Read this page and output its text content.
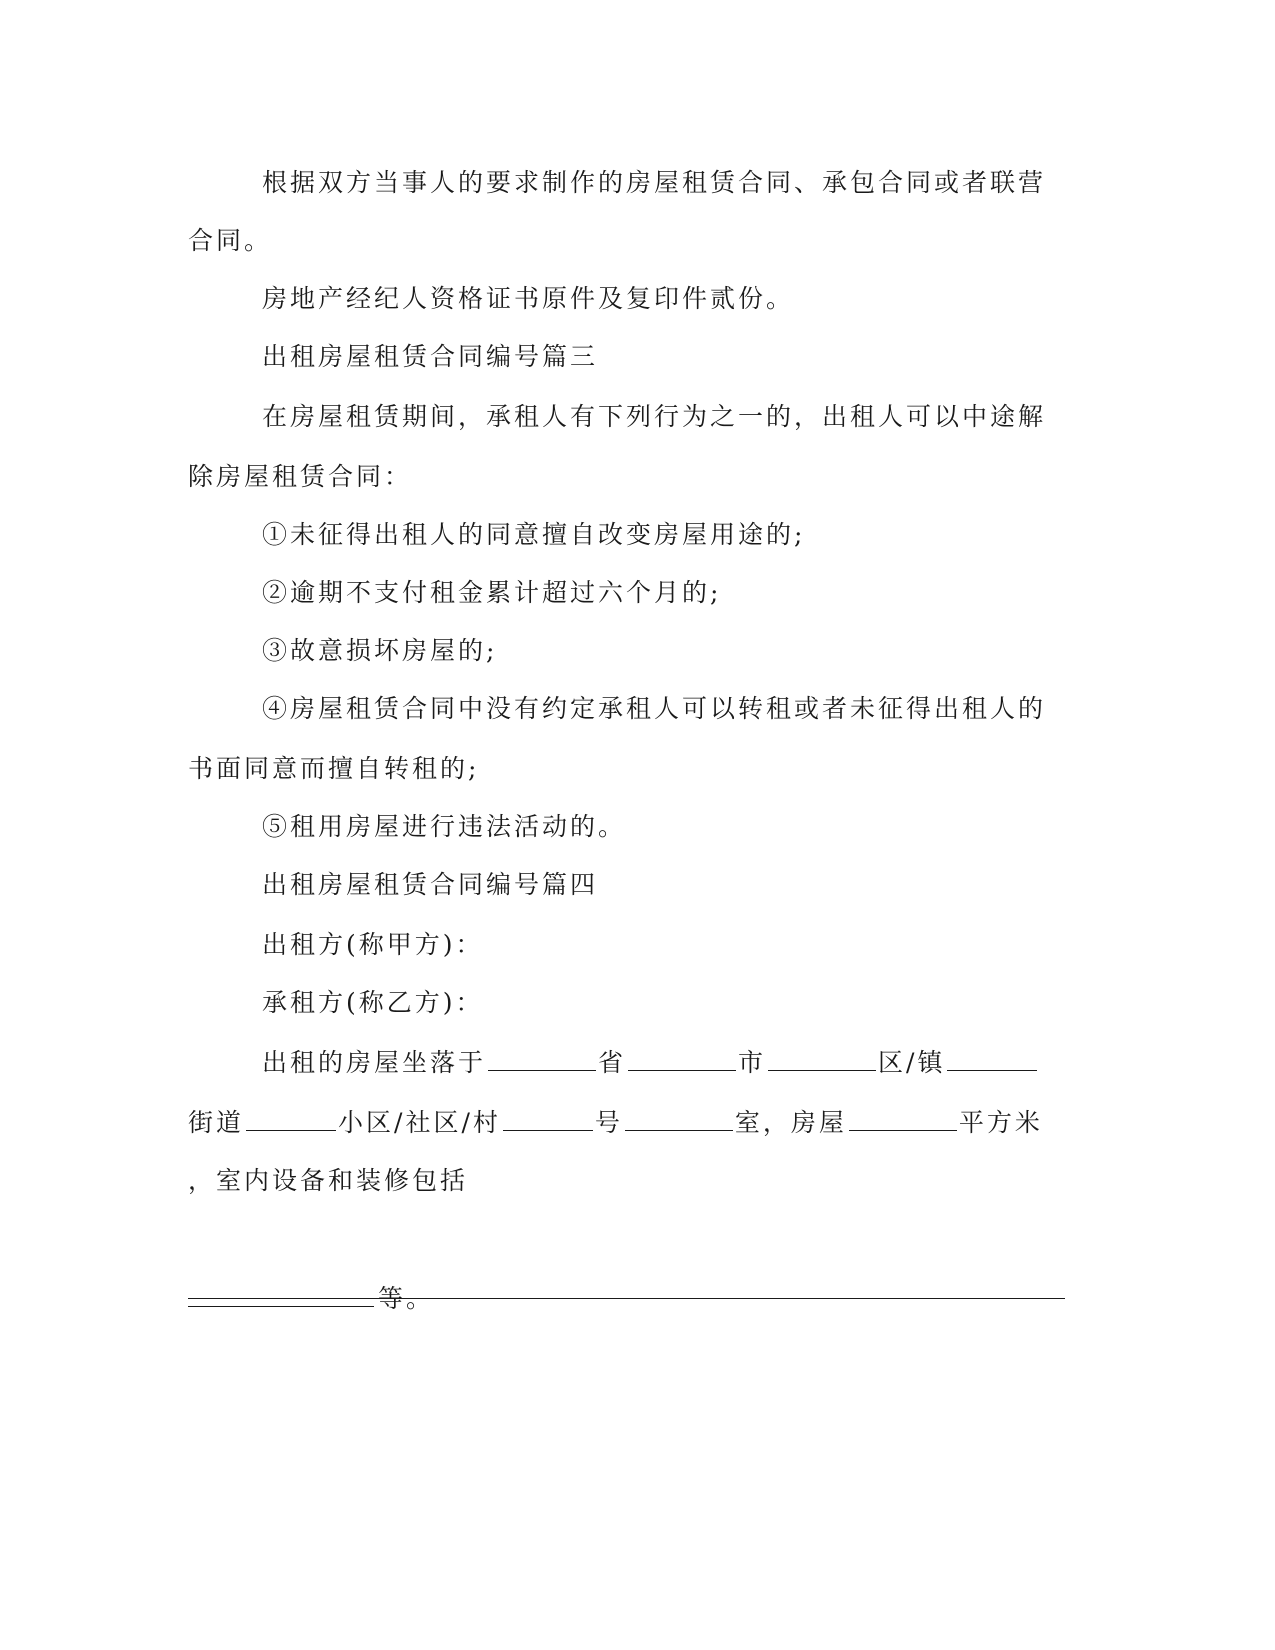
根据双方当事人的要求制作的房屋租赁合同、承包合同或者联营
合同。
房地产经纪人资格证书原件及复印件贰份。
出租房屋租赁合同编号篇三
在房屋租赁期间，承租人有下列行为之一的，出租人可以中途解
除房屋租赁合同：
①未征得出租人的同意擅自改变房屋用途的;
②逾期不支付租金累计超过六个月的;
③故意损坏房屋的;
④房屋租赁合同中没有约定承租人可以转租或者未征得出租人的
书面同意而擅自转租的;
⑤租用房屋进行违法活动的。
出租房屋租赁合同编号篇四
出租方(称甲方)：
承租方(称乙方)：
出租的房屋坐落于	省	市	区/镇
街道	小区/社区/村	号	室，房屋	平方米
，室内设备和装修包括
等。
